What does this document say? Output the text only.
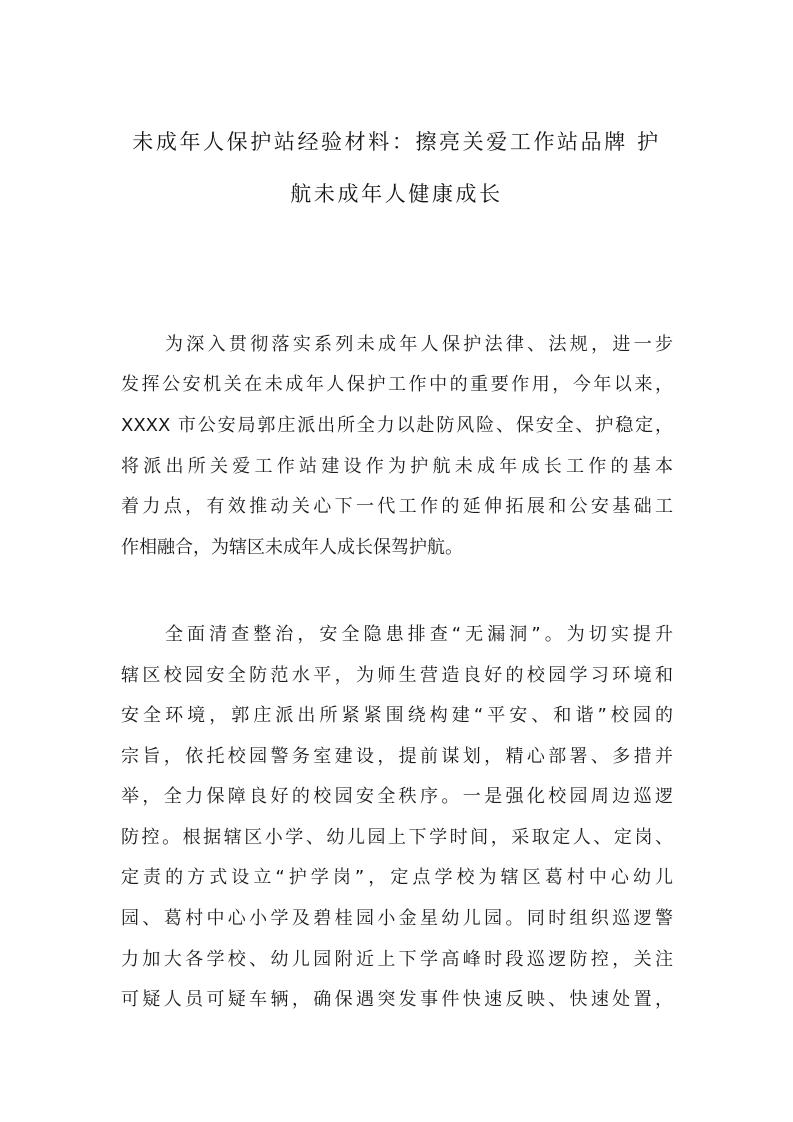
未成年人保护站经验材料：擦亮关爱工作站品牌 护
航未成年人健康成长
为深入贯彻落实系列未成年人保护法律、法规，进一步
发挥公安机关在未成年人保护工作中的重要作用，今年以来，
XXXX 市公安局郭庄派出所全力以赴防风险、保安全、护稳定，
将派出所关爱工作站建设作为护航未成年成长工作的基本
着力点，有效推动关心下一代工作的延伸拓展和公安基础工
作相融合，为辖区未成年人成长保驾护航。
全面清查整治，安全隐患排查“无漏洞”。为切实提升
辖区校园安全防范水平，为师生营造良好的校园学习环境和
安全环境，郭庄派出所紧紧围绕构建“平安、和谐”校园的
宗旨，依托校园警务室建设，提前谋划，精心部署、多措并
举，全力保障良好的校园安全秩序。一是强化校园周边巡逻
防控。根据辖区小学、幼儿园上下学时间，采取定人、定岗、
定责的方式设立“护学岗”，定点学校为辖区葛村中心幼儿
园、葛村中心小学及碧桂园小金星幼儿园。同时组织巡逻警
力加大各学校、幼儿园附近上下学高峰时段巡逻防控，关注
可疑人员可疑车辆，确保遇突发事件快速反映、快速处置，
